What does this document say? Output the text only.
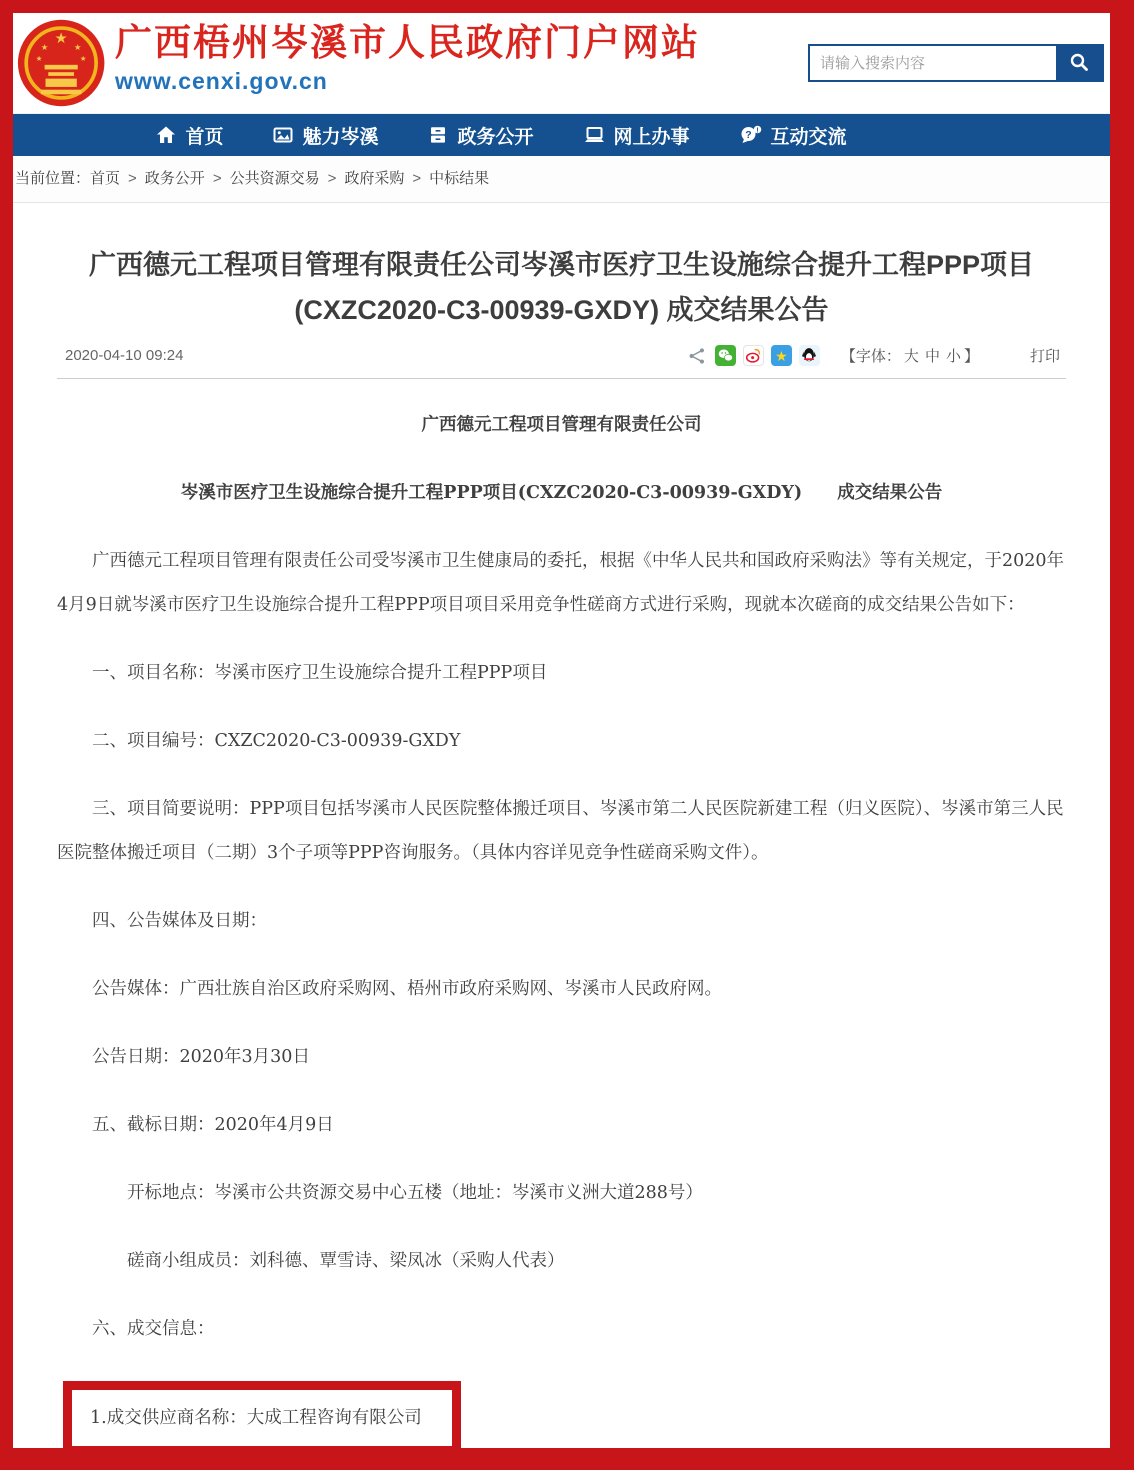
★
★	★
★	★ 广西梧州岑溪市人民政府门户网站
www.cenxi.gov.cn
请输入搜索内容
首页	魅力岑溪	政务公开	网上办事	? ! 互动交流
当前位置：首页 > 政务公开 > 公共资源交易 > 政府采购 > 中标结果
广西德元工程项目管理有限责任公司岑溪市医疗卫生设施综合提升工程PPP项目
(CXZC2020-C3-00939-GXDY) 成交结果公告
2020-04-10 09:24	★	【字体： 大 中 小 】	打印

广西德元工程项目管理有限责任公司

岑溪市医疗卫生设施综合提升工程PPP项目(CXZC2020-C3-00939-GXDY)　　成交结果公告

广西德元工程项目管理有限责任公司受岑溪市卫生健康局的委托，根据《中华人民共和国政府采购法》等有关规定，于2020年4月9日就岑溪市医疗卫生设施综合提升工程PPP项目项目采用竞争性磋商方式进行采购，现就本次磋商的成交结果公告如下：

一、项目名称：岑溪市医疗卫生设施综合提升工程PPP项目

二、项目编号：CXZC2020-C3-00939-GXDY

三、项目简要说明：PPP项目包括岑溪市人民医院整体搬迁项目、岑溪市第二人民医院新建工程（归义医院）、岑溪市第三人民医院整体搬迁项目（二期）3个子项等PPP咨询服务。（具体内容详见竞争性磋商采购文件）。

四、公告媒体及日期：

公告媒体：广西壮族自治区政府采购网、梧州市政府采购网、岑溪市人民政府网。

公告日期：2020年3月30日

五、截标日期：2020年4月9日

开标地点：岑溪市公共资源交易中心五楼（地址：岑溪市义洲大道288号）

磋商小组成员：刘科德、覃雪诗、梁凤冰（采购人代表）

六、成交信息：

1.成交供应商名称：大成工程咨询有限公司
